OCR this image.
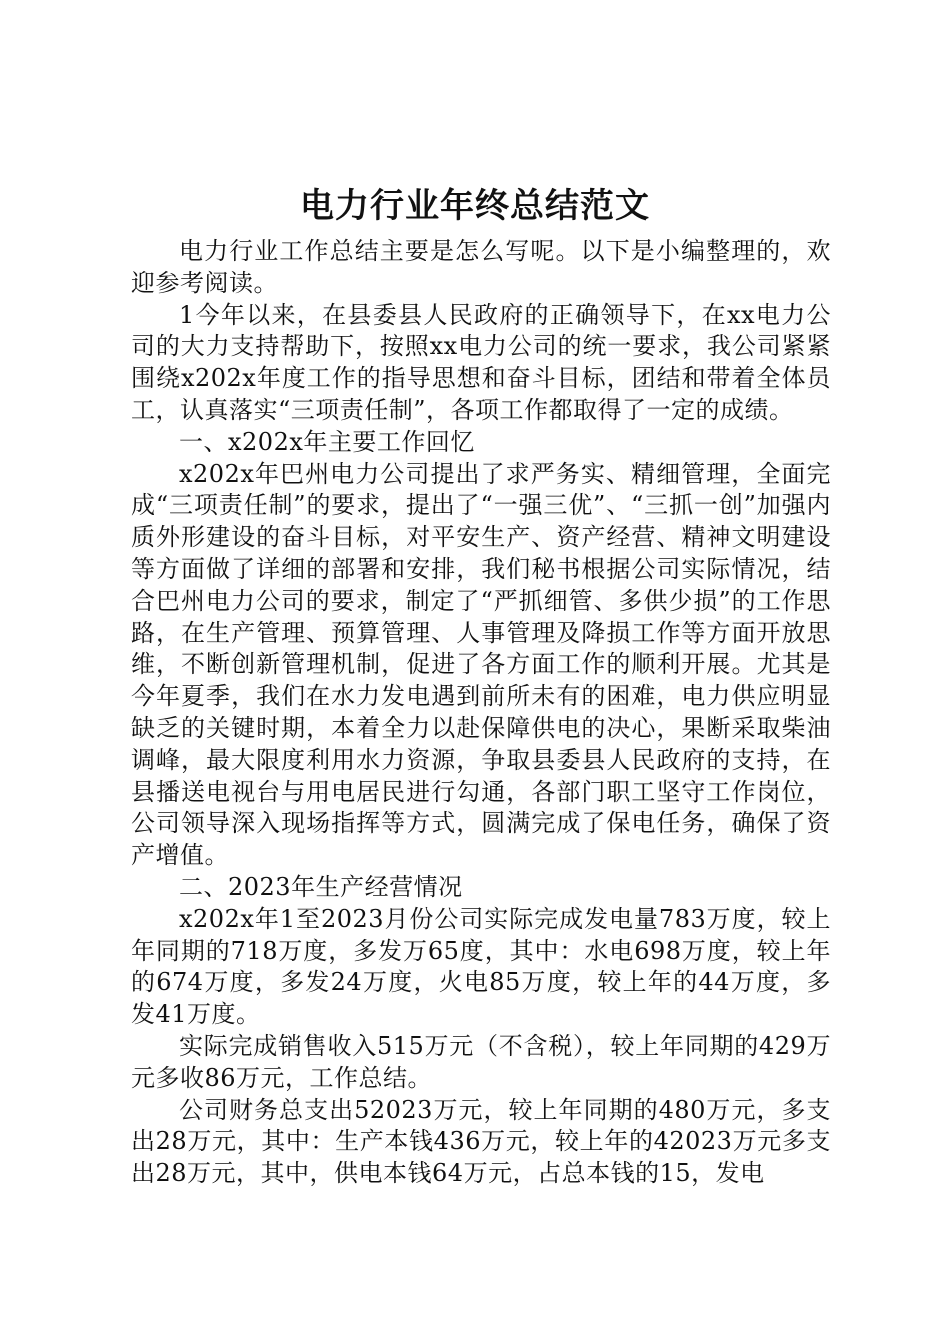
电力行业年终总结范文

电力行业工作总结主要是怎么写呢。以下是小编整理的，欢迎参考阅读。

1今年以来，在县委县人民政府的正确领导下，在xx电力公司的大力支持帮助下，按照xx电力公司的统一要求，我公司紧紧围绕x202x年度工作的指导思想和奋斗目标，团结和带着全体员工，认真落实“三项责任制”，各项工作都取得了一定的成绩。

一、x202x年主要工作回忆

x202x年巴州电力公司提出了求严务实、精细管理，全面完成“三项责任制”的要求，提出了“一强三优”、“三抓一创”加强内质外形建设的奋斗目标，对平安生产、资产经营、精神文明建设等方面做了详细的部署和安排，我们秘书根据公司实际情况，结合巴州电力公司的要求，制定了“严抓细管、多供少损”的工作思路，在生产管理、预算管理、人事管理及降损工作等方面开放思维，不断创新管理机制，促进了各方面工作的顺利开展。尤其是今年夏季，我们在水力发电遇到前所未有的困难，电力供应明显缺乏的关键时期，本着全力以赴保障供电的决心，果断采取柴油调峰，最大限度利用水力资源，争取县委县人民政府的支持，在县播送电视台与用电居民进行勾通，各部门职工坚守工作岗位，公司领导深入现场指挥等方式，圆满完成了保电任务，确保了资产增值。

二、2023年生产经营情况

x202x年1至2023月份公司实际完成发电量783万度，较上年同期的718万度，多发万65度，其中：水电698万度，较上年的674万度，多发24万度，火电85万度，较上年的44万度，多发41万度。

实际完成销售收入515万元（不含税），较上年同期的429万元多收86万元，工作总结。

公司财务总支出52023万元，较上年同期的480万元，多支出28万元，其中：生产本钱436万元，较上年的42023万元多支出28万元，其中，供电本钱64万元，占总本钱的15，发电
